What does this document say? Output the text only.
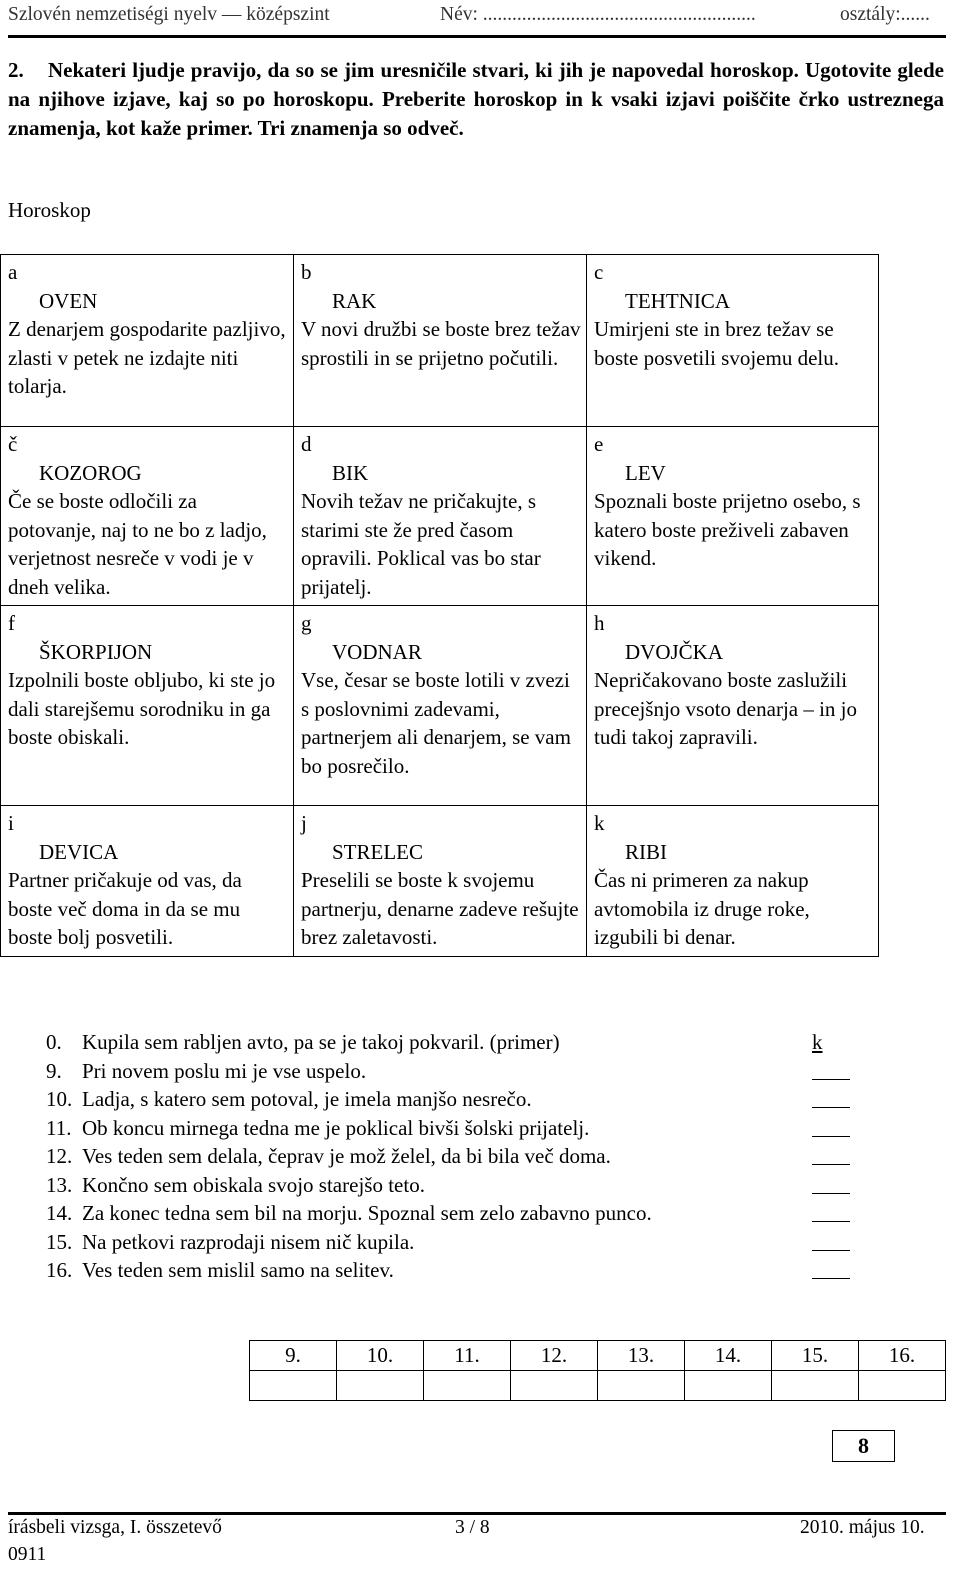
Szlovén nemzetiségi nyelv — középszint	Név: ........................................................	osztály:......

2. Nekateri ljudje pravijo, da so se jim uresničile stvari, ki jih je napovedal horoskop. Ugotovite glede na njihove izjave, kaj so po horoskopu. Preberite horoskop in k vsaki izjavi poiščite črko ustreznega znamenja, kot kaže primer. Tri znamenja so odveč.

Horoskop

a
OVEN
Z denarjem gospodarite pazljivo, zlasti v petek ne izdajte niti tolarja.	b
RAK
V novi družbi se boste brez težav sprostili in se prijetno počutili.	c
TEHTNICA
Umirjeni ste in brez težav se boste posvetili svojemu delu.

č
KOZOROG
Če se boste odločili za potovanje, naj to ne bo z ladjo, verjetnost nesreče v vodi je v dneh velika.	d
BIK
Novih težav ne pričakujte, s starimi ste že pred časom opravili. Poklical vas bo star prijatelj.	e
LEV
Spoznali boste prijetno osebo, s katero boste preživeli zabaven vikend.

f
ŠKORPIJON
Izpolnili boste obljubo, ki ste jo dali starejšemu sorodniku in ga boste obiskali.	g
VODNAR
Vse, česar se boste lotili v zvezi s poslovnimi zadevami, partnerjem ali denarjem, se vam bo posrečilo.	h
DVOJČKA
Nepričakovano boste zaslužili precejšnjo vsoto denarja – in jo tudi takoj zapravili.

i
DEVICA
Partner pričakuje od vas, da boste več doma in da se mu boste bolj posvetili.	j
STRELEC
Preselili se boste k svojemu partnerju, denarne zadeve rešujte brez zaletavosti.	k
RIBI
Čas ni primeren za nakup avtomobila iz druge roke, izgubili bi denar.
0. Kupila sem rabljen avto, pa se je takoj pokvaril. (primer)	k
9. Pri novem poslu mi je vse uspelo.
10. Ladja, s katero sem potoval, je imela manjšo nesrečo.
11. Ob koncu mirnega tedna me je poklical bivši šolski prijatelj.
12. Ves teden sem delala, čeprav je mož želel, da bi bila več doma.
13. Končno sem obiskala svojo starejšo teto.
14. Za konec tedna sem bil na morju. Spoznal sem zelo zabavno punco.
15. Na petkovi razprodaji nisem nič kupila.
16. Ves teden sem mislil samo na selitev.
9.	10.	11.	12.	13.	14.	15.	16.

8
írásbeli vizsga, I. összetevő
0911
3 / 8	2010. május 10.
